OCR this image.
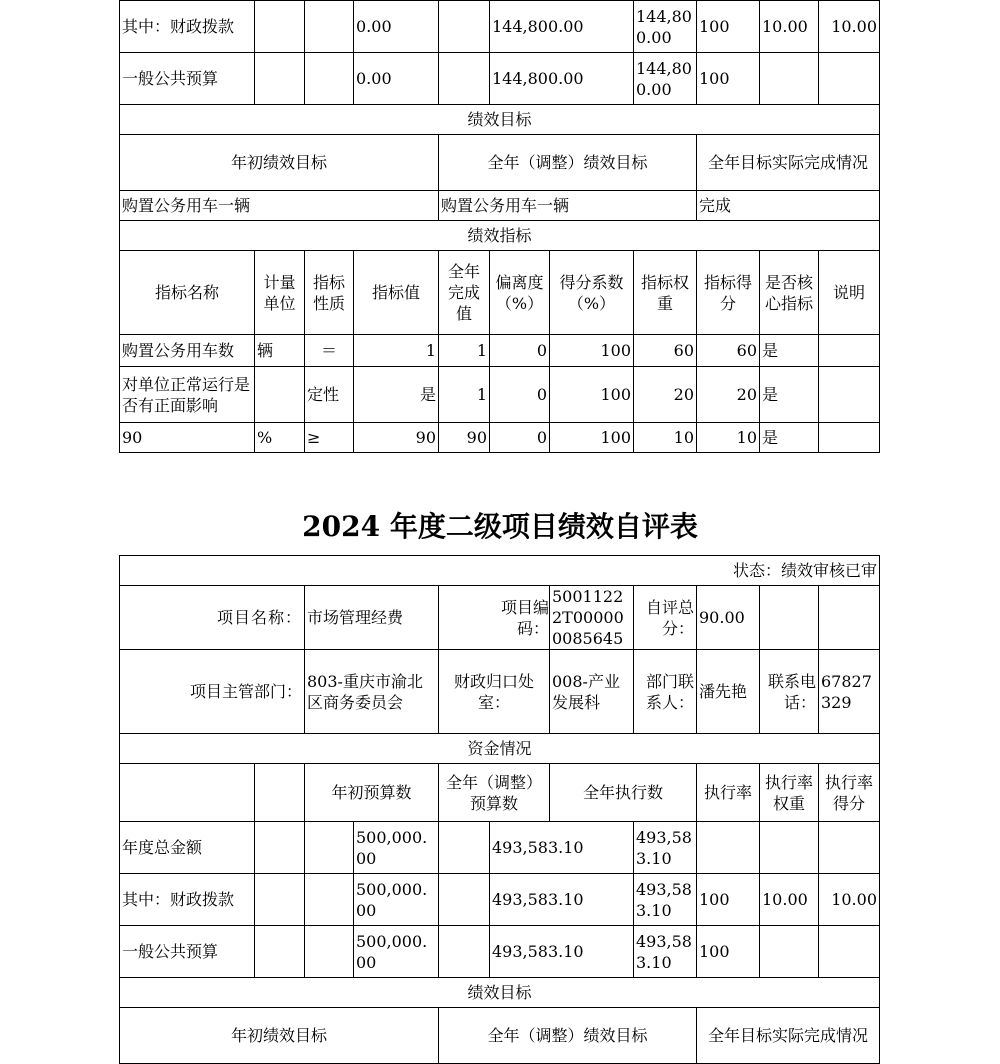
其中：财政拨款			0.00		144,800.00		144,800.00	100	10.00	10.00
一般公共预算			0.00		144,800.00		144,800.00	100		
绩效目标										
年初绩效目标				全年（调整）绩效目标				全年目标实际完成情况		
购置公务用车一辆				购置公务用车一辆				完成		
绩效指标										
指标名称	计量单位	指标性质	指标值	全年完成值	偏离度（%）	得分系数（%）	指标权重	指标得分	是否核心指标	说明
购置公务用车数	辆	＝	1	1	0	100	60	60	是	
对单位正常运行是否有正面影响		定性	是	1	0	100	20	20	是	
90	%	≥	90	90	0	100	10	10	是	
2024 年度二级项目绩效自评表
状态：绩效审核已审										
项目名称：		市场管理经费		项目编码：		50011222T000000085645	自评总分：	90.00		
项目主管部门：		803-重庆市渝北区商务委员会		财政归口处室：		008-产业发展科	部门联系人：	潘先艳	联系电话：	67827329
资金情况										
		年初预算数		全年（调整）预算数		全年执行数		执行率	执行率权重	执行率得分
年度总金额			500,000.00		493,583.10		493,583.10			
其中：财政拨款			500,000.00		493,583.10		493,583.10	100	10.00	10.00
一般公共预算			500,000.00		493,583.10		493,583.10	100		
绩效目标										
年初绩效目标				全年（调整）绩效目标				全年目标实际完成情况		
